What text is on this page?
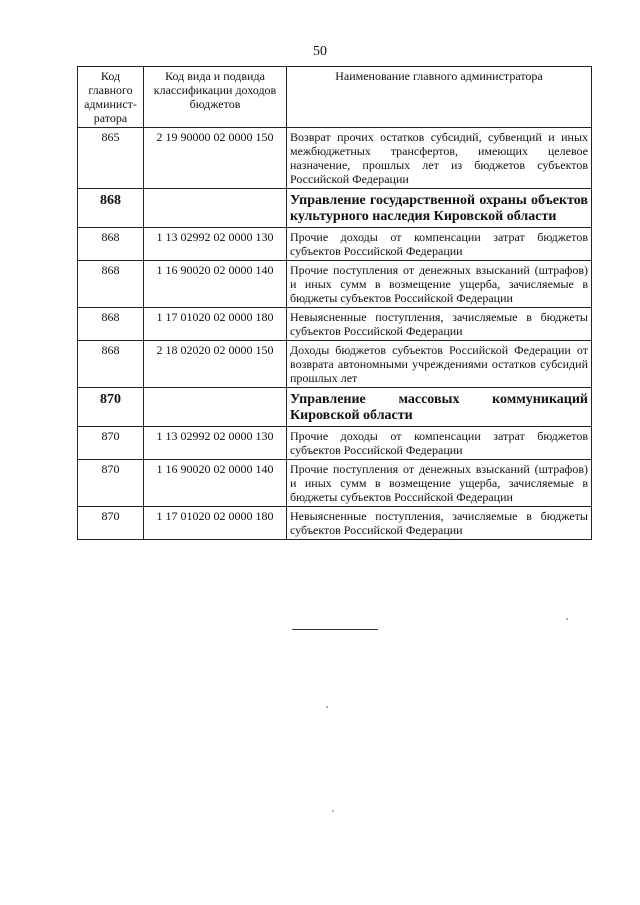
50
Код главного админист-ратора	Код вида и подвида классификации доходов бюджетов	Наименование главного администратора
865	2 19 90000 02 0000 150	Возврат прочих остатков субсидий, субвенций и иных межбюджетных трансфертов, имеющих целевое назначение, прошлых лет из бюджетов субъектов Российской Федерации
868		Управление государственной охраны объектов культурного наследия Кировской области
868	1 13 02992 02 0000 130	Прочие доходы от компенсации затрат бюджетов субъектов Российской Федерации
868	1 16 90020 02 0000 140	Прочие поступления от денежных взысканий (штрафов) и иных сумм в возмещение ущерба, зачисляемые в бюджеты субъектов Российской Федерации
868	1 17 01020 02 0000 180	Невыясненные поступления, зачисляемые в бюджеты субъектов Российской Федерации
868	2 18 02020 02 0000 150	Доходы бюджетов субъектов Российской Федерации от возврата автономными учреждениями остатков субсидий прошлых лет
870		Управление массовых коммуникаций Кировской области
870	1 13 02992 02 0000 130	Прочие доходы от компенсации затрат бюджетов субъектов Российской Федерации
870	1 16 90020 02 0000 140	Прочие поступления от денежных взысканий (штрафов) и иных сумм в возмещение ущерба, зачисляемые в бюджеты субъектов Российской Федерации
870	1 17 01020 02 0000 180	Невыясненные поступления, зачисляемые в бюджеты субъектов Российской Федерации
